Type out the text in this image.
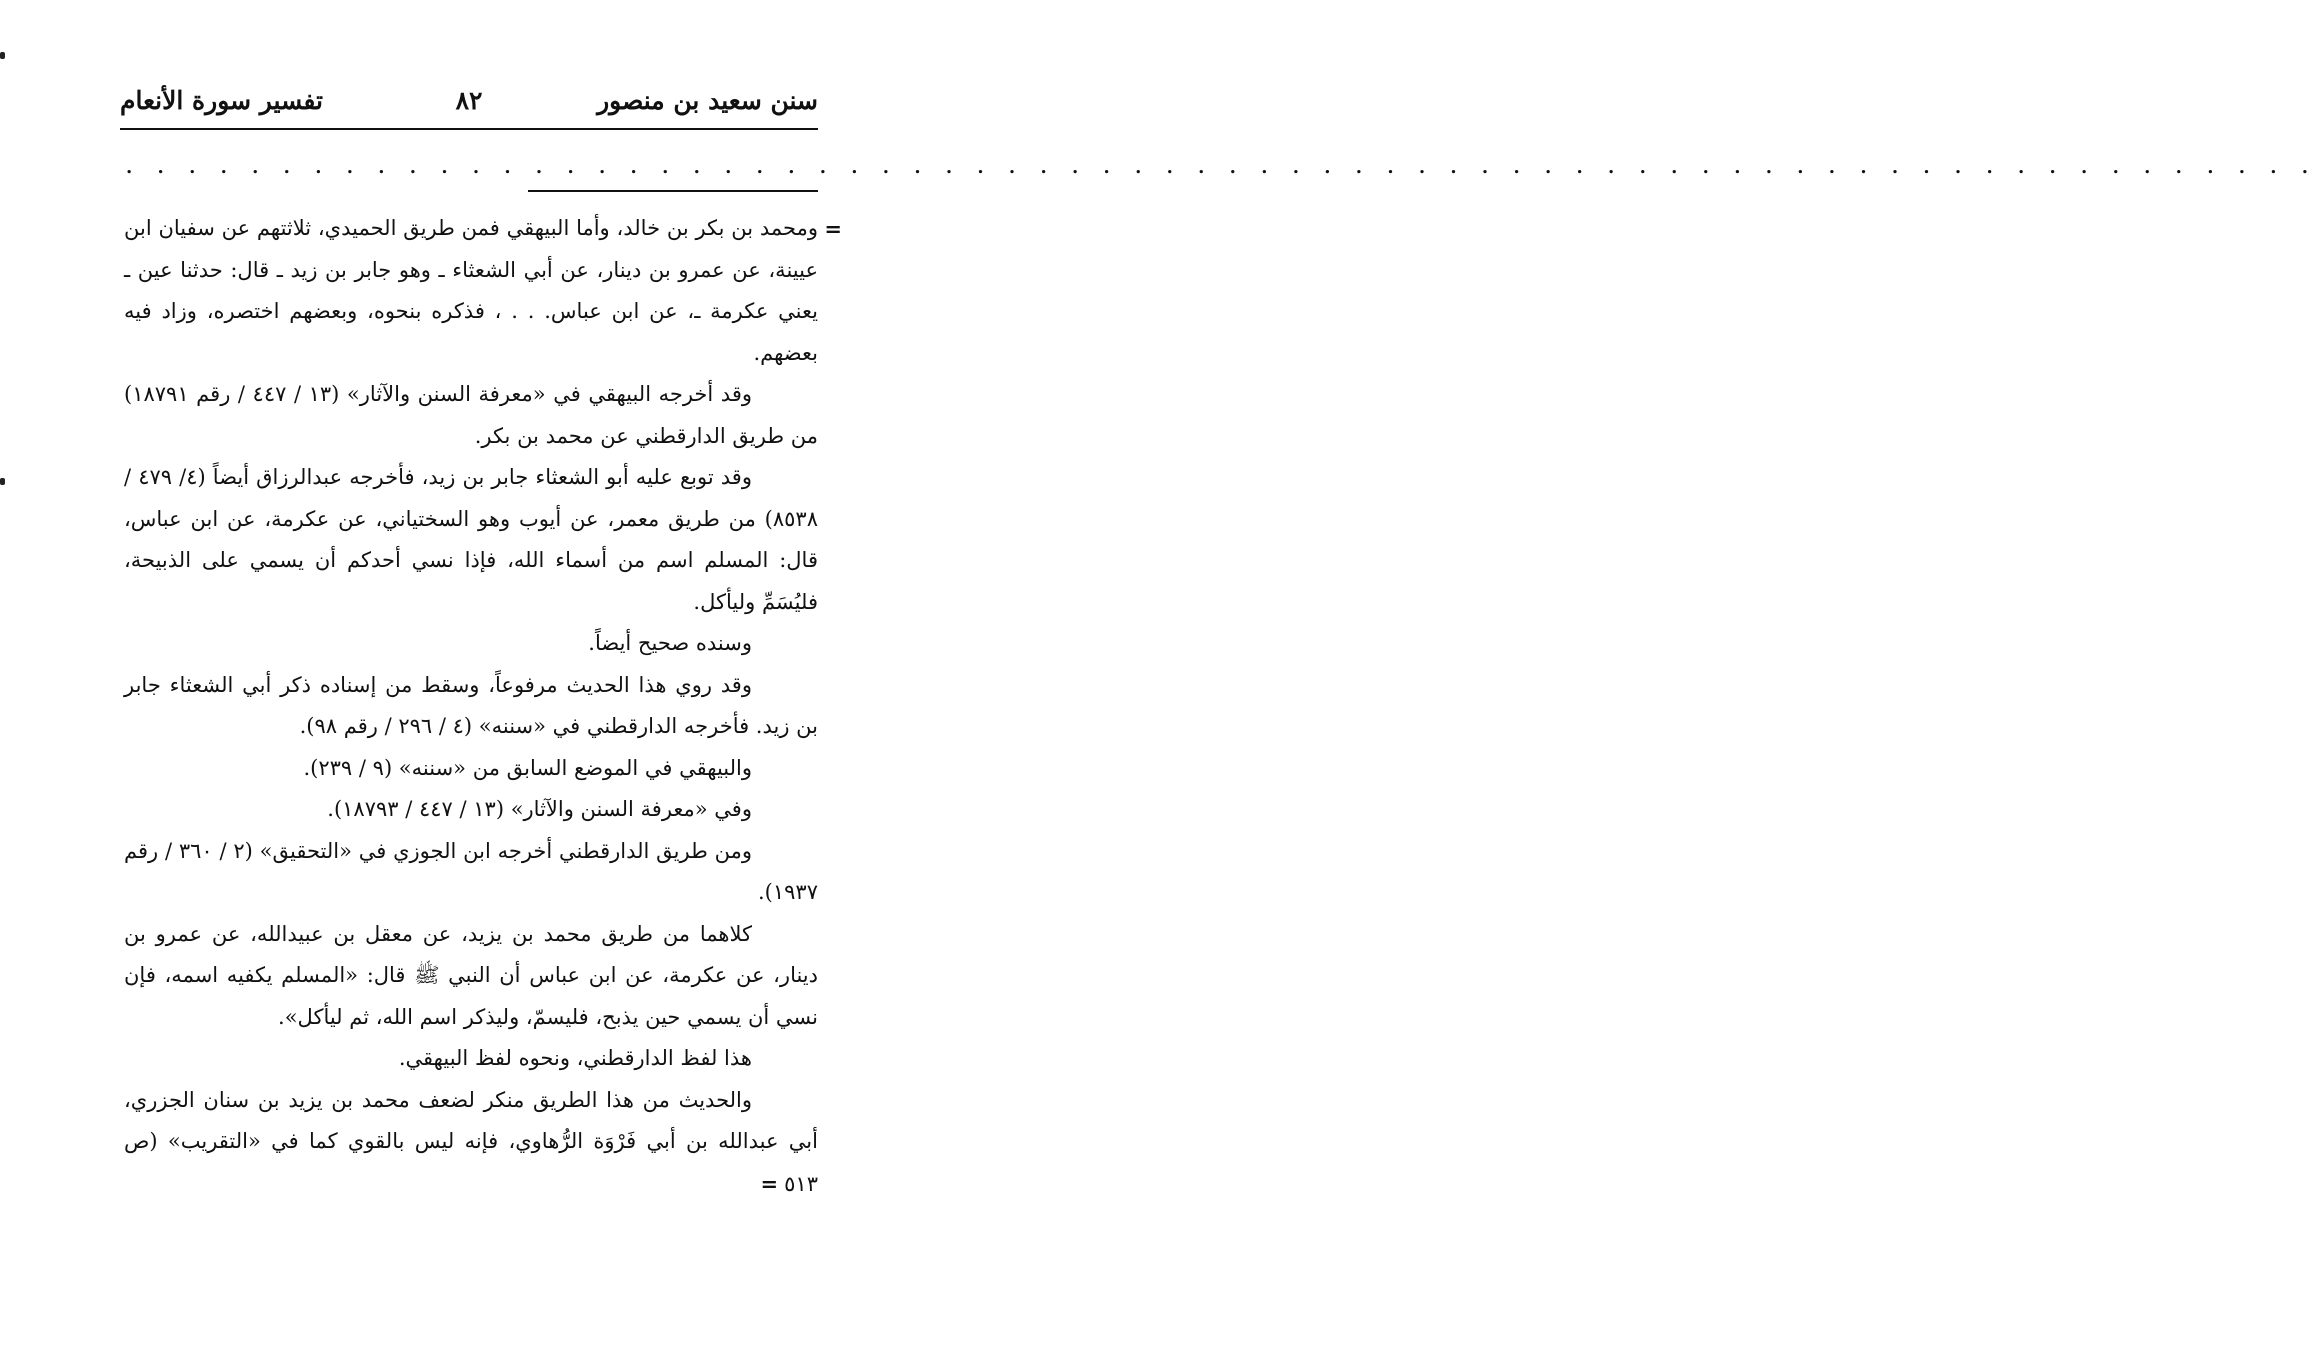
سنن سعيد بن منصور
٨٢
تفسير سورة الأنعام
. . . . . . . . . . . . . . . . . . . . . . . . . . . . . . . . . . . . . . . . . . . . . . . . . . . . . . . . . . . . . . . . . . . . . .

=
ومحمد بن بكر بن خالد، وأما البيهقي فمن طريق الحميدي، ثلاثتهم عن سفيان ابن عيينة، عن عمرو بن دينار، عن أبي الشعثاء ـ وهو جابر بن زيد ـ قال: حدثنا عين ـ يعني عكرمة ـ، عن ابن عباس. . . ، فذكره بنحوه، وبعضهم اختصره، وزاد فيه بعضهم.

وقد أخرجه البيهقي في «معرفة السنن والآثار» (١٣ / ٤٤٧ / رقم ١٨٧٩١) من طريق الدارقطني عن محمد بن بكر.

وقد توبع عليه أبو الشعثاء جابر بن زيد، فأخرجه عبدالرزاق أيضاً (٤/ ٤٧٩ / ٨٥٣٨) من طريق معمر، عن أيوب وهو السختياني، عن عكرمة، عن ابن عباس، قال: المسلم اسم من أسماء الله، فإذا نسي أحدكم أن يسمي على الذبيحة، فليُسَمِّ وليأكل.

وسنده صحيح أيضاً.

وقد روي هذا الحديث مرفوعاً، وسقط من إسناده ذكر أبي الشعثاء جابر بن زيد. فأخرجه الدارقطني في «سننه» (٤ / ٢٩٦ / رقم ٩٨).

والبيهقي في الموضع السابق من «سننه» (٩ / ٢٣٩).

وفي «معرفة السنن والآثار» (١٣ / ٤٤٧ / ١٨٧٩٣).

ومن طريق الدارقطني أخرجه ابن الجوزي في «التحقيق» (٢ / ٣٦٠ / رقم ١٩٣٧).

كلاهما من طريق محمد بن يزيد، عن معقل بن عبيدالله، عن عمرو بن دينار، عن عكرمة، عن ابن عباس أن النبي ﷺ قال: «المسلم يكفيه اسمه، فإن نسي أن يسمي حين يذبح، فليسمّ، وليذكر اسم الله، ثم ليأكل».

هذا لفظ الدارقطني، ونحوه لفظ البيهقي.

والحديث من هذا الطريق منكر لضعف محمد بن يزيد بن سنان الجزري، أبي عبدالله بن أبي فَرْوَة الرُّهاوي، فإنه ليس بالقوي كما في «التقريب» (ص ٥١٣=
